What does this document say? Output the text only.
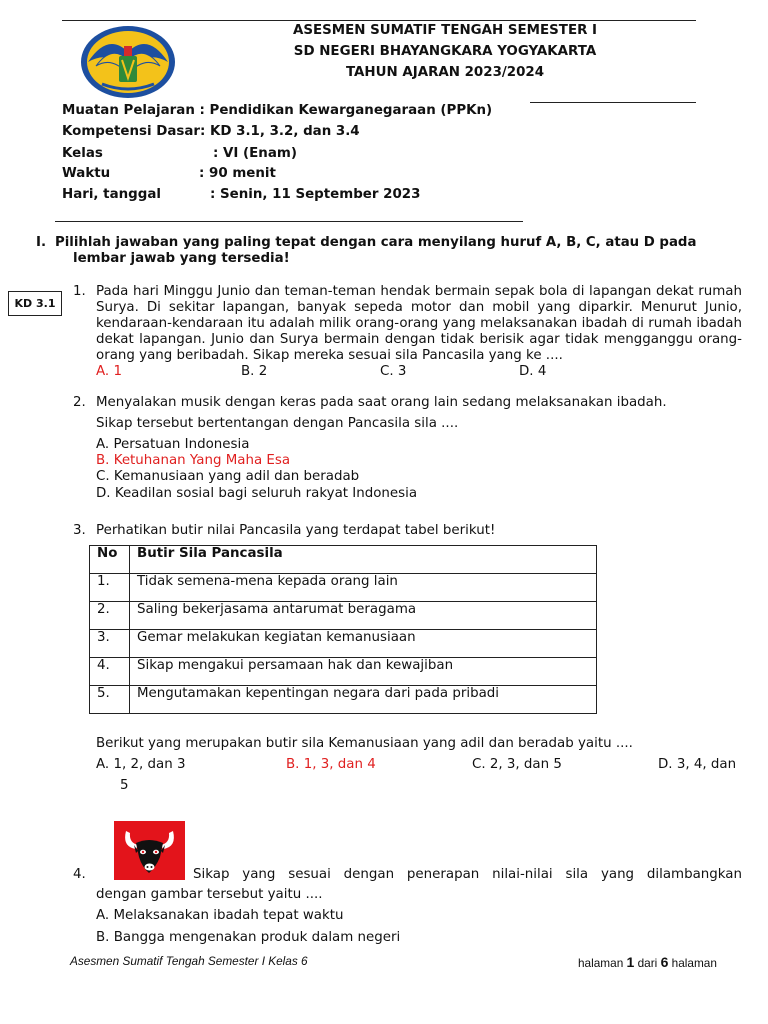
ASESMEN SUMATIF TENGAH SEMESTER I
SD NEGERI BHAYANGKARA YOGYAKARTA
TAHUN AJARAN 2023/2024
Muatan Pelajaran : Pendidikan Kewarganegaraan (PPKn)
Kompetensi Dasar: KD 3.1, 3.2, dan 3.4
Kelas	: VI (Enam)
Waktu	: 90 menit
Hari, tanggal	: Senin, 11 September 2023
I. Pilihlah jawaban yang paling tepat dengan cara menyilang huruf A, B, C, atau D pada
lembar jawab yang tersedia!
KD 3.1
1. Pada hari Minggu Junio dan teman-teman hendak bermain sepak bola di lapangan dekat rumah Surya. Di sekitar lapangan, banyak sepeda motor dan mobil yang diparkir. Menurut Junio, kendaraan-kendaraan itu adalah milik orang-orang yang melaksanakan ibadah di rumah ibadah dekat lapangan. Junio dan Surya bermain dengan tidak berisik agar tidak mengganggu orang-orang yang beribadah. Sikap mereka sesuai sila Pancasila yang ke ....
A. 1	B. 2	C. 3	D. 4
2. Menyalakan musik dengan keras pada saat orang lain sedang melaksanakan ibadah.
Sikap tersebut bertentangan dengan Pancasila sila ....
A. Persatuan Indonesia
B. Ketuhanan Yang Maha Esa
C. Kemanusiaan yang adil dan beradab
D. Keadilan sosial bagi seluruh rakyat Indonesia
3. Perhatikan butir nilai Pancasila yang terdapat tabel berikut!
No	Butir Sila Pancasila
1.	Tidak semena-mena kepada orang lain
2.	Saling bekerjasama antarumat beragama
3.	Gemar melakukan kegiatan kemanusiaan
4.	Sikap mengakui persamaan hak dan kewajiban
5.	Mengutamakan kepentingan negara dari pada pribadi
Berikut yang merupakan butir sila Kemanusiaan yang adil dan beradab yaitu ....
A. 1, 2, dan 3	B. 1, 3, dan 4	C. 2, 3, dan 5	D. 3, 4, dan
5
4.	Sikap yang sesuai dengan penerapan nilai-nilai sila yang dilambangkan
dengan gambar tersebut yaitu ....
A. Melaksanakan ibadah tepat waktu
B. Bangga mengenakan produk dalam negeri
Asesmen Sumatif Tengah Semester I Kelas 6	halaman 1 dari 6 halaman
